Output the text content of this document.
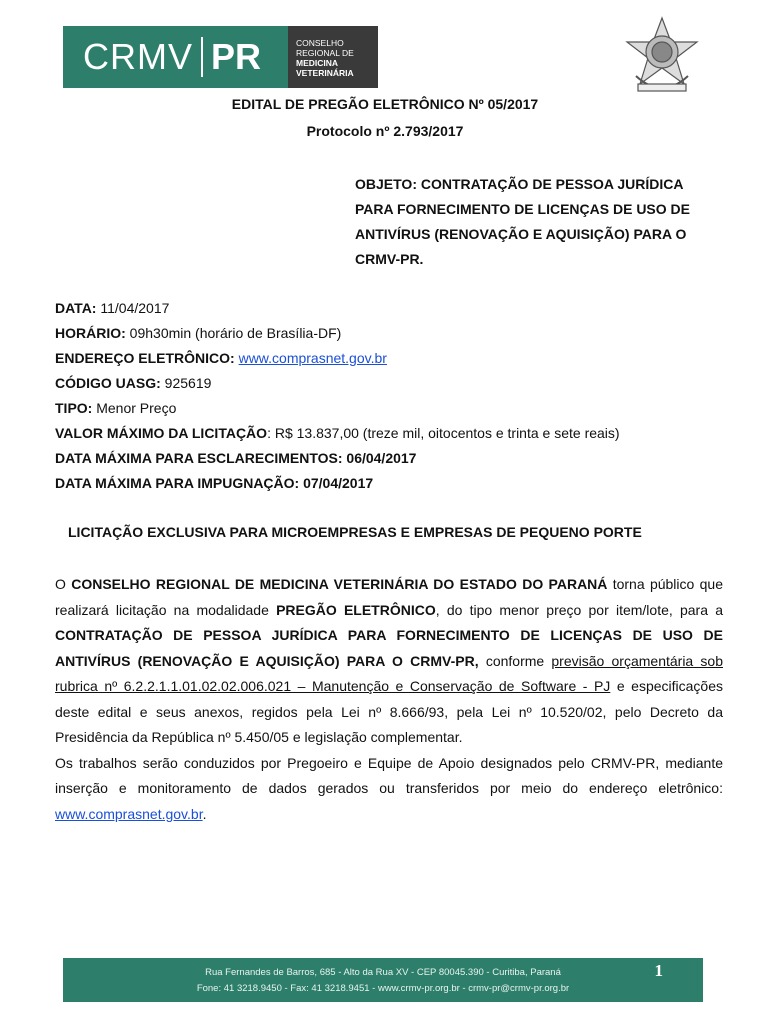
CRMV PR	CONSELHO
REGIONAL DE
MEDICINA
VETERINÁRIA
EDITAL DE PREGÃO ELETRÔNICO Nº 05/2017
Protocolo nº 2.793/2017
OBJETO: CONTRATAÇÃO DE PESSOA JURÍDICA
PARA FORNECIMENTO DE LICENÇAS DE USO DE
ANTIVÍRUS (RENOVAÇÃO E AQUISIÇÃO) PARA O
CRMV-PR.
DATA: 11/04/2017
HORÁRIO: 09h30min (horário de Brasília-DF)
ENDEREÇO ELETRÔNICO: www.comprasnet.gov.br
CÓDIGO UASG: 925619
TIPO: Menor Preço
VALOR MÁXIMO DA LICITAÇÃO: R$ 13.837,00 (treze mil, oitocentos e trinta e sete reais)
DATA MÁXIMA PARA ESCLARECIMENTOS: 06/04/2017
DATA MÁXIMA PARA IMPUGNAÇÃO: 07/04/2017
LICITAÇÃO EXCLUSIVA PARA MICROEMPRESAS E EMPRESAS DE PEQUENO PORTE

O CONSELHO REGIONAL DE MEDICINA VETERINÁRIA DO ESTADO DO PARANÁ torna público que realizará licitação na modalidade PREGÃO ELETRÔNICO, do tipo menor preço por item/lote, para a CONTRATAÇÃO DE PESSOA JURÍDICA PARA FORNECIMENTO DE LICENÇAS DE USO DE ANTIVÍRUS (RENOVAÇÃO E AQUISIÇÃO) PARA O CRMV-PR, conforme previsão orçamentária sob rubrica nº 6.2.2.1.1.01.02.02.006.021 – Manutenção e Conservação de Software - PJ e especificações deste edital e seus anexos, regidos pela Lei nº 8.666/93, pela Lei nº 10.520/02, pelo Decreto da Presidência da República nº 5.450/05 e legislação complementar.

Os trabalhos serão conduzidos por Pregoeiro e Equipe de Apoio designados pelo CRMV-PR, mediante inserção e monitoramento de dados gerados ou transferidos por meio do endereço eletrônico: www.comprasnet.gov.br.

Rua Fernandes de Barros, 685 - Alto da Rua XV - CEP 80045.390 - Curitiba, Paraná
Fone: 41 3218.9450 - Fax: 41 3218.9451 - www.crmv-pr.org.br - crmv-pr@crmv-pr.org.br
1
